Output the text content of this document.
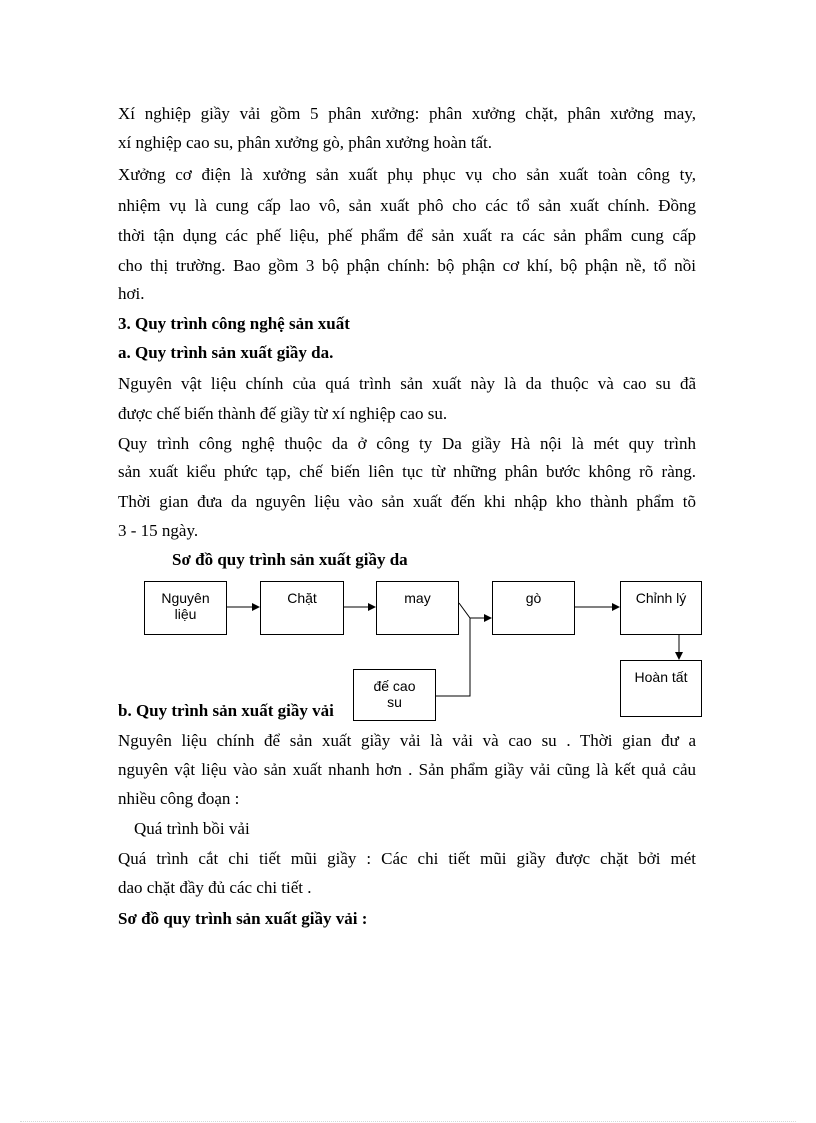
Xí nghiệp giầy vải gồm 5 phân xưởng: phân xưởng chặt, phân xưởng may,
xí nghiệp cao su, phân xưởng gò, phân xưởng hoàn tất.
Xưởng cơ điện là xưởng sản xuất phụ phục vụ cho sản xuất toàn công ty,
nhiệm vụ là cung cấp lao vô, sản xuất phô cho các tổ sản xuất chính. Đồng
thời tận dụng các phế liệu, phế phẩm để sản xuất ra các sản phẩm cung cấp
cho thị trường. Bao gồm 3 bộ phận chính: bộ phận cơ khí, bộ phận nề, tổ nồi
hơi.
3. Quy trình công nghệ sản xuất
a. Quy trình sản xuất giầy da.
Nguyên vật liệu chính của quá trình sản xuất này là da thuộc và cao su đã
được chế biến thành đế giầy từ xí nghiệp cao su.
Quy trình công nghệ thuộc da ở công ty Da giầy Hà nội là mét quy trình
sản xuất kiểu phức tạp, chế biến liên tục từ những phân bước không rõ ràng.
Thời gian đưa da nguyên liệu vào sản xuất đến khi nhập kho thành phẩm tõ
3 - 15 ngày.
Sơ đồ quy trình sản xuất giầy da
Nguyên
liệu
Chặt	may	gò	Chỉnh lý
Hoàn tất
b. Quy trình sản xuất giầy vải
đế cao
su
Nguyên liệu chính để sản xuất giầy vải là vải và cao su . Thời gian đư a
nguyên vật liệu vào sản xuất nhanh hơn . Sản phẩm giầy vải cũng là kết quả cảu
nhiều công đoạn :
Quá trình bồi vải
Quá trình cắt chi tiết mũi giầy : Các chi tiết mũi giầy được chặt bởi mét
dao chặt đầy đủ các chi tiết .
Sơ đồ quy trình sản xuất giầy vải :
